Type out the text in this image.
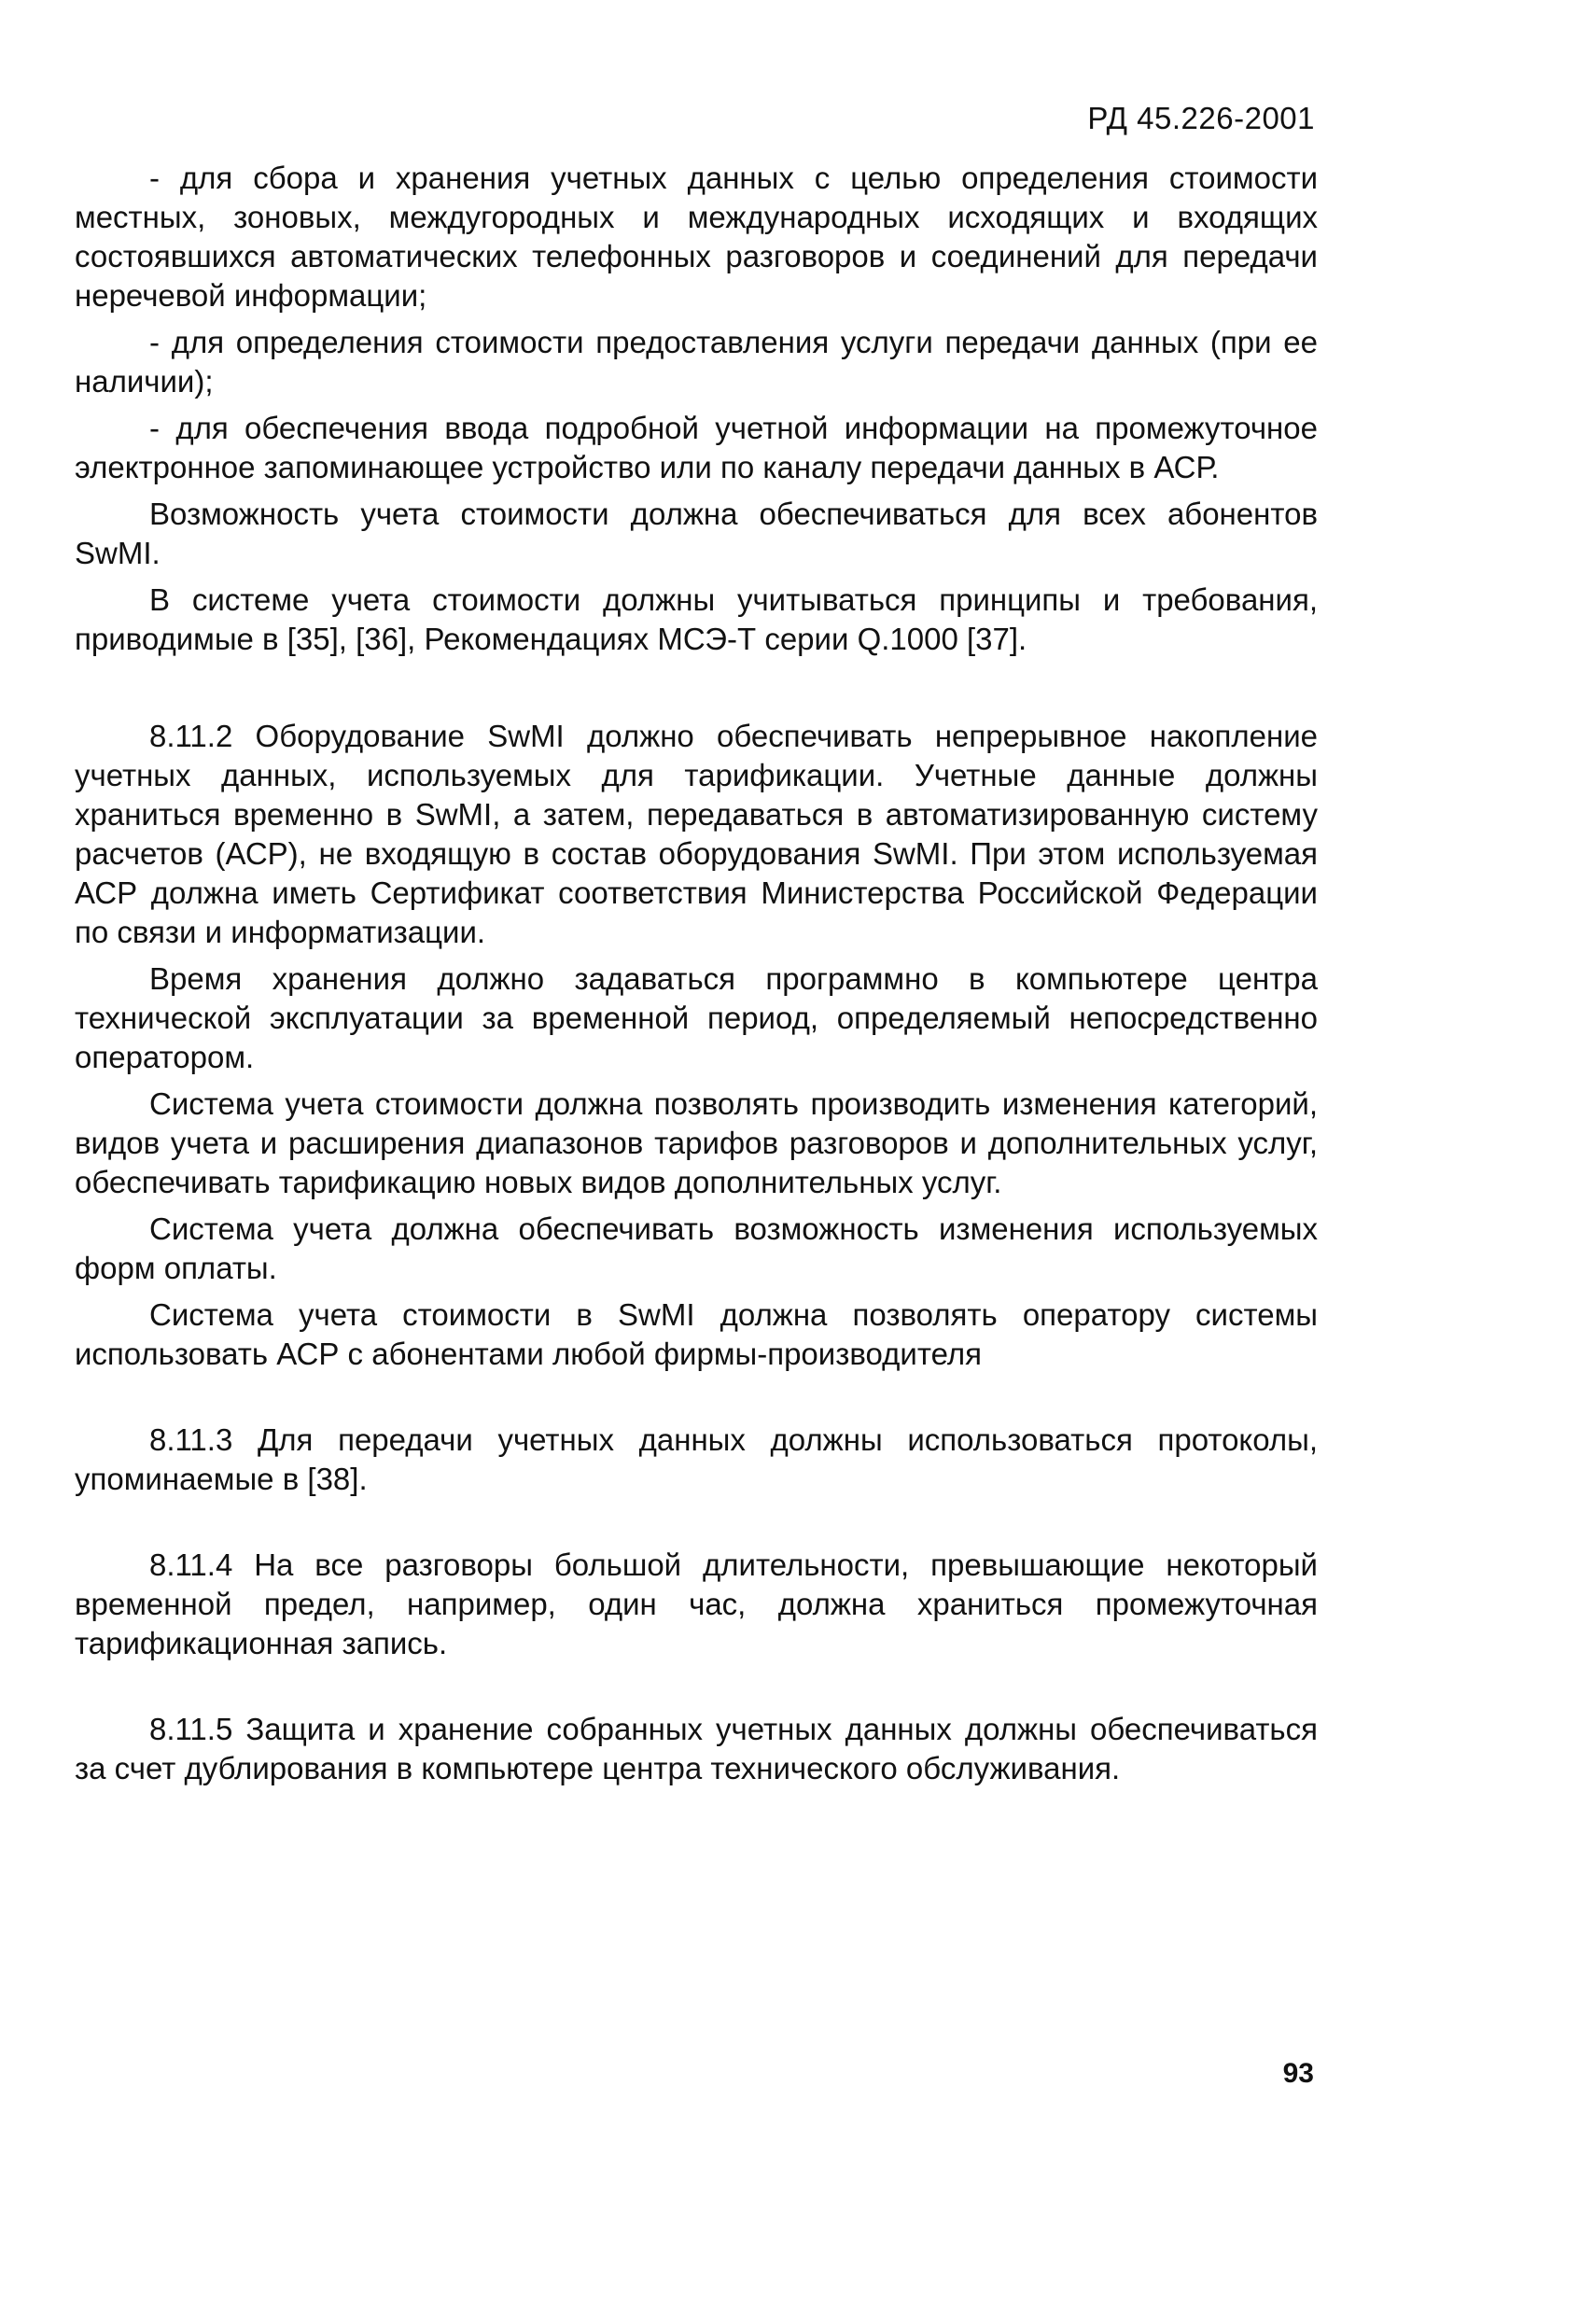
РД 45.226-2001

- для сбора и хранения учетных данных с целью определения стоимости местных, зоновых, междугородных и международных исходящих и входящих состоявшихся автоматических телефонных разговоров и соединений для передачи неречевой информации;

- для определения стоимости предоставления услуги передачи данных (при ее наличии);

- для обеспечения ввода подробной учетной информации на промежуточное электронное запоминающее устройство или по каналу передачи данных в АСР.

Возможность учета стоимости должна обеспечиваться для всех абонентов SwMI.

В системе учета стоимости должны учитываться принципы и требования, приводимые в [35], [36], Рекомендациях МСЭ-Т серии Q.1000 [37].

8.11.2 Оборудование SwMI должно обеспечивать непрерывное накопление учетных данных, используемых для тарификации. Учетные данные должны храниться временно в SwMI, а затем, передаваться в автоматизированную систему расчетов (АСР), не входящую в состав оборудования SwMI. При этом используемая АСР должна иметь Сертификат соответствия Министерства Российской Федерации по связи и информатизации.

Время хранения должно задаваться программно в компьютере центра технической эксплуатации за временной период, определяемый непосредственно оператором.

Система учета стоимости должна позволять производить изменения категорий, видов учета и расширения диапазонов тарифов разговоров и дополнительных услуг, обеспечивать тарификацию новых видов дополнительных услуг.

Система учета должна обеспечивать возможность изменения используемых форм оплаты.

Система учета стоимости в SwMI должна позволять оператору системы использовать АСР с абонентами любой фирмы-производителя

8.11.3 Для передачи учетных данных должны использоваться протоколы, упоминаемые в [38].

8.11.4 На все разговоры большой длительности, превышающие некоторый временной предел, например, один час, должна храниться промежуточная тарификационная запись.

8.11.5 Защита и хранение собранных учетных данных должны обеспечиваться за счет дублирования в компьютере центра технического обслуживания.

93
